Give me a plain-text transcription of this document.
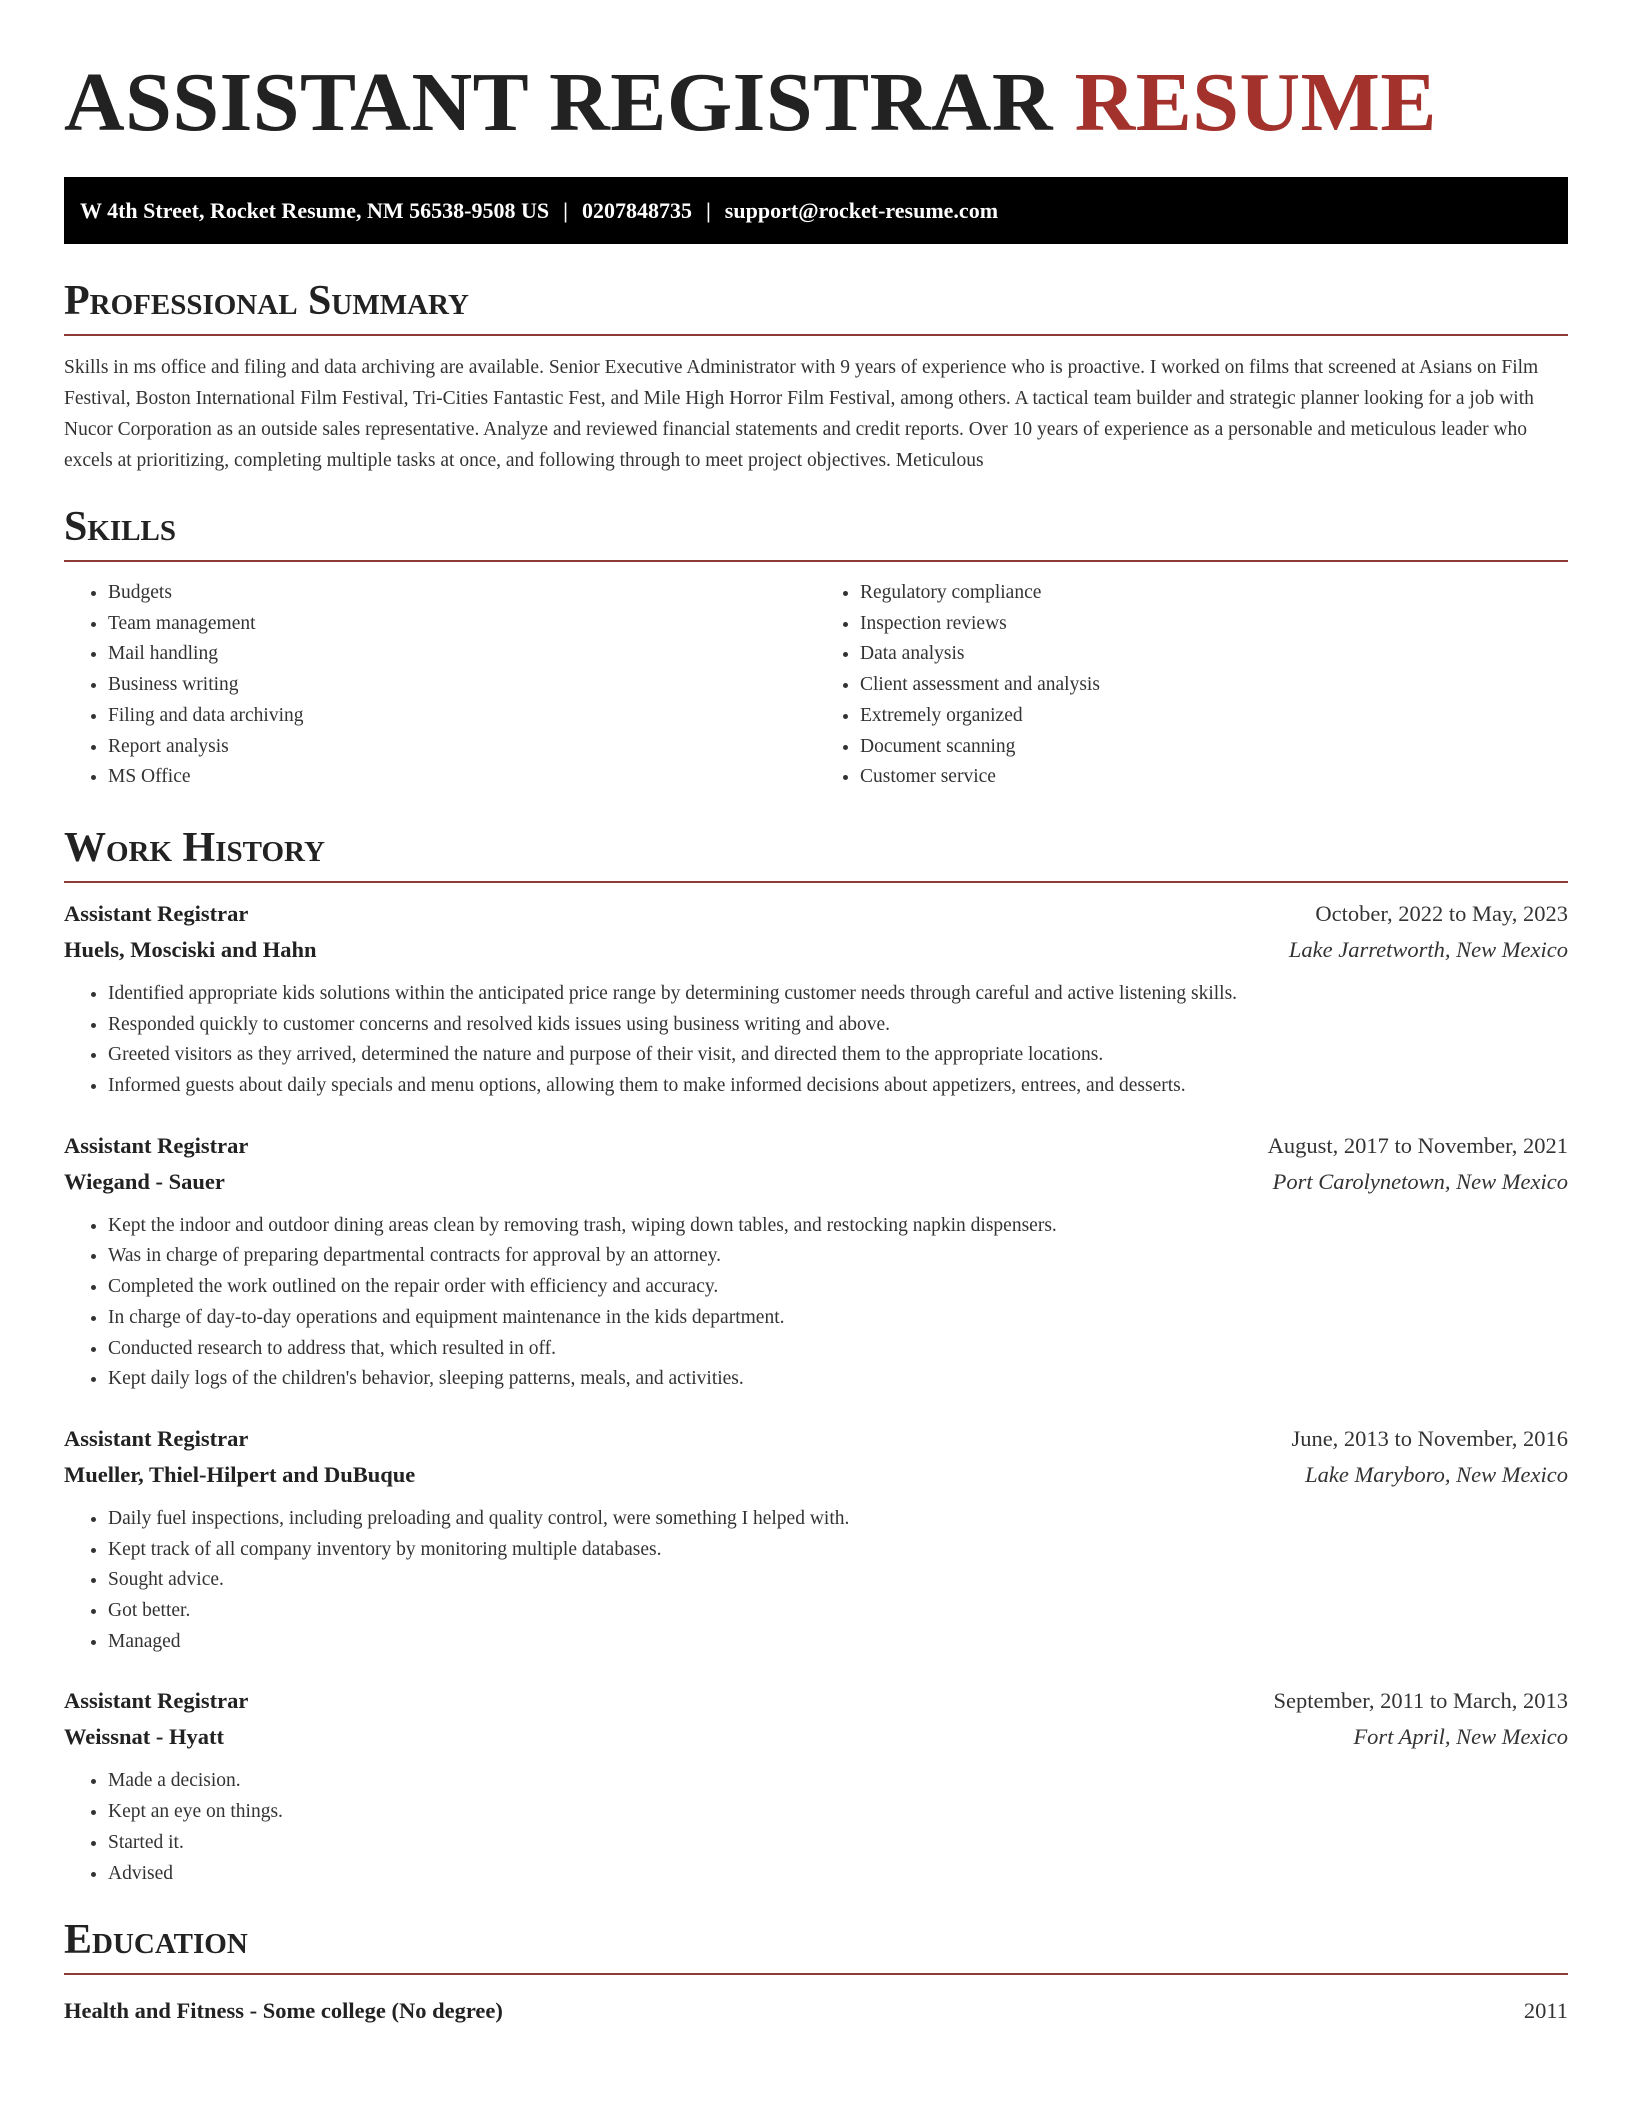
ASSISTANT REGISTRAR RESUME
W 4th Street, Rocket Resume, NM 56538-9508 US | 0207848735 | support@rocket-resume.com
Professional Summary

Skills in ms office and filing and data archiving are available. Senior Executive Administrator with 9 years of experience who is proactive. I worked on films that screened at Asians on Film Festival, Boston International Film Festival, Tri-Cities Fantastic Fest, and Mile High Horror Film Festival, among others. A tactical team builder and strategic planner looking for a job with Nucor Corporation as an outside sales representative. Analyze and reviewed financial statements and credit reports. Over 10 years of experience as a personable and meticulous leader who excels at prioritizing, completing multiple tasks at once, and following through to meet project objectives. Meticulous

Skills
• Budgets
• Team management
• Mail handling
• Business writing
• Filing and data archiving
• Report analysis
• MS Office
• Regulatory compliance
• Inspection reviews
• Data analysis
• Client assessment and analysis
• Extremely organized
• Document scanning
• Customer service
Work History
Assistant Registrar	October, 2022 to May, 2023
Huels, Mosciski and Hahn	Lake Jarretworth, New Mexico
• Identified appropriate kids solutions within the anticipated price range by determining customer needs through careful and active listening skills.
• Responded quickly to customer concerns and resolved kids issues using business writing and above.
• Greeted visitors as they arrived, determined the nature and purpose of their visit, and directed them to the appropriate locations.
• Informed guests about daily specials and menu options, allowing them to make informed decisions about appetizers, entrees, and desserts.
Assistant Registrar	August, 2017 to November, 2021
Wiegand - Sauer	Port Carolynetown, New Mexico
• Kept the indoor and outdoor dining areas clean by removing trash, wiping down tables, and restocking napkin dispensers.
• Was in charge of preparing departmental contracts for approval by an attorney.
• Completed the work outlined on the repair order with efficiency and accuracy.
• In charge of day-to-day operations and equipment maintenance in the kids department.
• Conducted research to address that, which resulted in off.
• Kept daily logs of the children's behavior, sleeping patterns, meals, and activities.
Assistant Registrar	June, 2013 to November, 2016
Mueller, Thiel-Hilpert and DuBuque	Lake Maryboro, New Mexico
• Daily fuel inspections, including preloading and quality control, were something I helped with.
• Kept track of all company inventory by monitoring multiple databases.
• Sought advice.
• Got better.
• Managed
Assistant Registrar	September, 2011 to March, 2013
Weissnat - Hyatt	Fort April, New Mexico
• Made a decision.
• Kept an eye on things.
• Started it.
• Advised
Education
Health and Fitness - Some college (No degree)	2011
